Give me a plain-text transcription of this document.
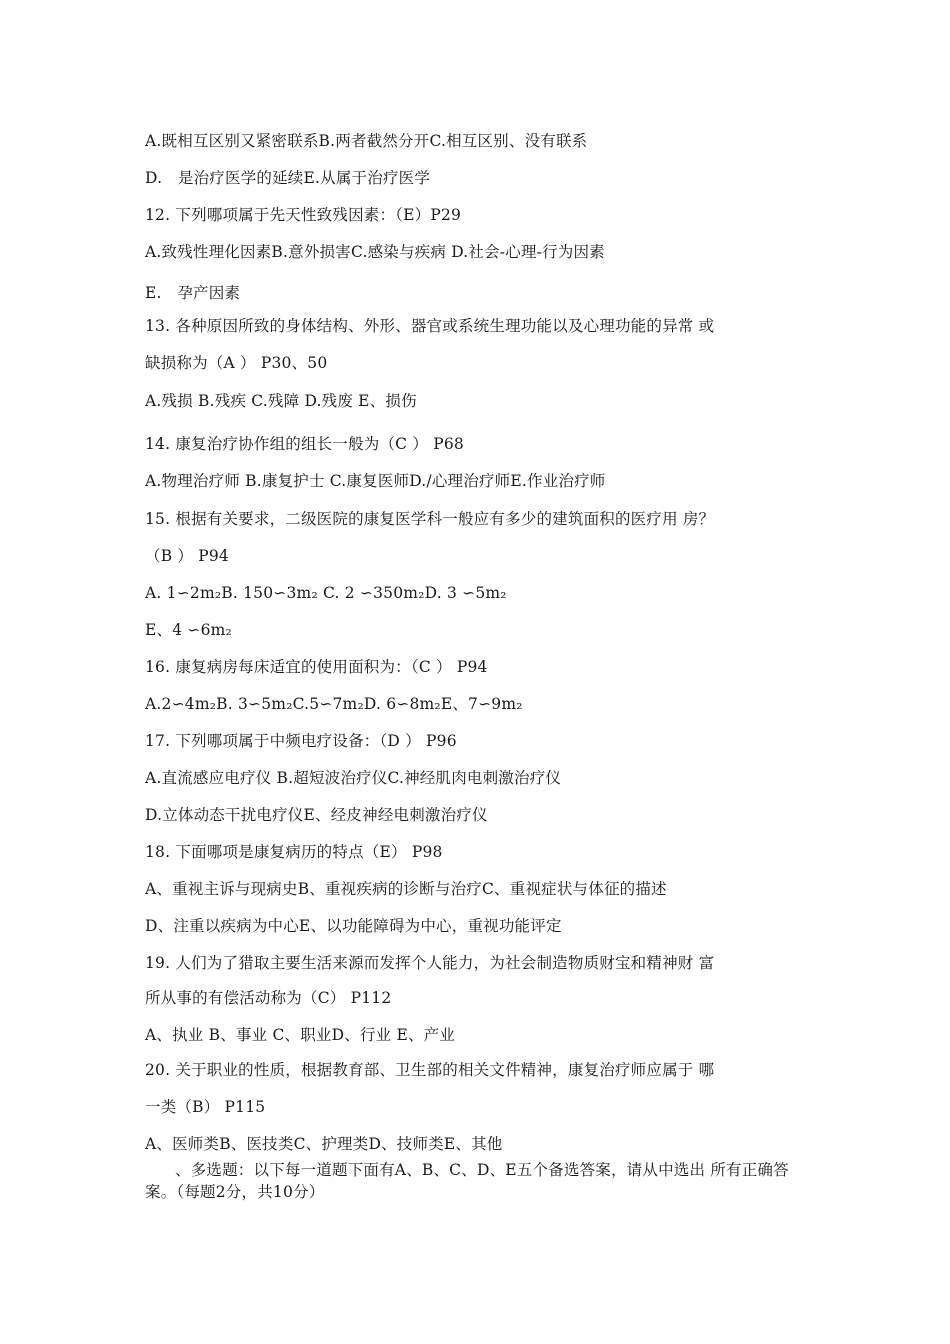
A.既相互区别又紧密联系B.两者截然分开C.相互区别、没有联系
D.　是治疗医学的延续E.从属于治疗医学
12. 下列哪项属于先天性致残因素：（E）P29
A.致残性理化因素B.意外损害C.感染与疾病 D.社会-心理-行为因素
E.　孕产因素
13. 各种原因所致的身体结构、外形、器官或系统生理功能以及心理功能的异常 或
缺损称为（A ） P30、50
A.残损 B.残疾 C.残障 D.残废 E、损伤
14. 康复治疗协作组的组长一般为（C ） P68
A.物理治疗师 B.康复护士 C.康复医师D./心理治疗师E.作业治疗师
15. 根据有关要求，二级医院的康复医学科一般应有多少的建筑面积的医疗用 房？
（B ） P94
A. 1∽2m₂B. 150∽3m₂ C. 2 ∽350m₂D. 3 ∽5m₂
E、4 ∽6m₂
16. 康复病房每床适宜的使用面积为：（C ） P94
A.2∽4m₂B. 3∽5m₂C.5∽7m₂D. 6∽8m₂E、7∽9m₂
17. 下列哪项属于中频电疗设备：（D ） P96
A.直流感应电疗仪 B.超短波治疗仪C.神经肌肉电刺激治疗仪
D.立体动态干扰电疗仪E、经皮神经电刺激治疗仪
18. 下面哪项是康复病历的特点（E） P98
A、重视主诉与现病史B、重视疾病的诊断与治疗C、重视症状与体征的描述
D、注重以疾病为中心E、以功能障碍为中心，重视功能评定
19. 人们为了猎取主要生活来源而发挥个人能力，为社会制造物质财宝和精神财 富
所从事的有偿活动称为（C） P112
A、执业 B、事业 C、职业D、行业 E、产业
20. 关于职业的性质，根据教育部、卫生部的相关文件精神，康复治疗师应属于 哪
一类（B） P115
A、医师类B、医技类C、护理类D、技师类E、其他
、多选题：以下每一道题下面有A、B、C、D、E五个备选答案，请从中选出 所有正确答案。（每题2分，共10分）
